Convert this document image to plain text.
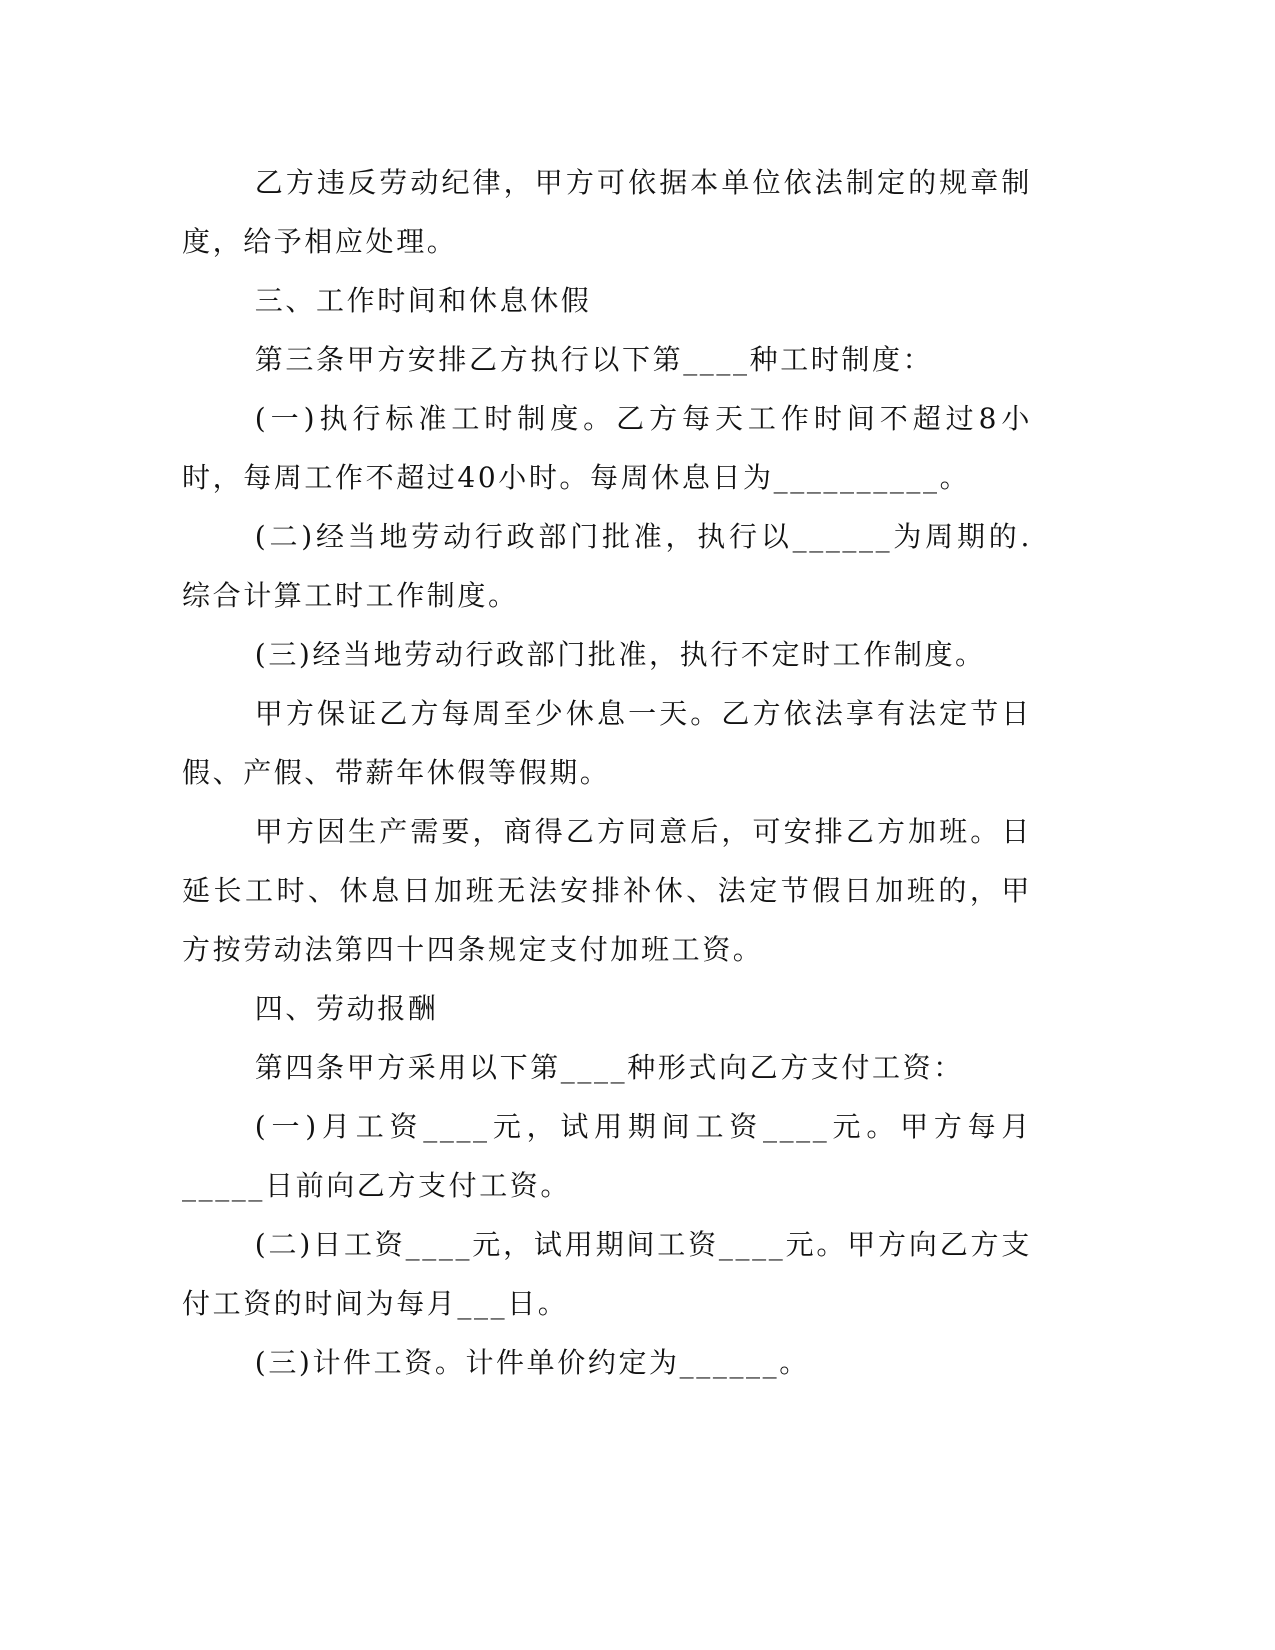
乙方违反劳动纪律，甲方可依据本单位依法制定的规章制度，给予相应处理。

三、工作时间和休息休假

第三条甲方安排乙方执行以下第____种工时制度：

(一)执行标准工时制度。乙方每天工作时间不超过8小时，每周工作不超过40小时。每周休息日为__________。

(二)经当地劳动行政部门批准，执行以______为周期的.综合计算工时工作制度。

(三)经当地劳动行政部门批准，执行不定时工作制度。

甲方保证乙方每周至少休息一天。乙方依法享有法定节日假、产假、带薪年休假等假期。

甲方因生产需要，商得乙方同意后，可安排乙方加班。日延长工时、休息日加班无法安排补休、法定节假日加班的，甲方按劳动法第四十四条规定支付加班工资。

四、劳动报酬

第四条甲方采用以下第____种形式向乙方支付工资：

(一)月工资____元，试用期间工资____元。甲方每月_____日前向乙方支付工资。

(二)日工资____元，试用期间工资____元。甲方向乙方支付工资的时间为每月___日。

(三)计件工资。计件单价约定为______。
